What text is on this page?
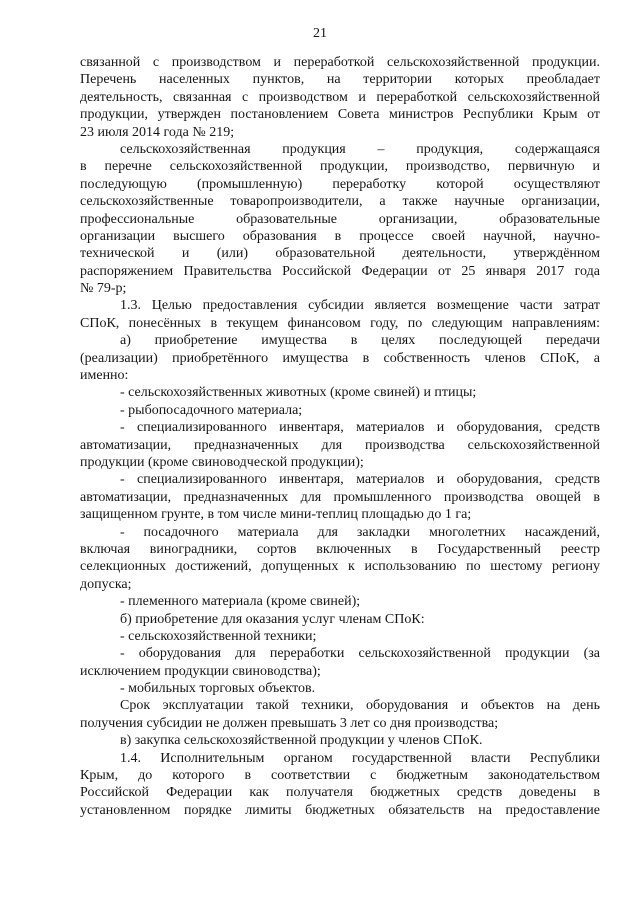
21
связанной с производством и переработкой сельскохозяйственной продукции.
Перечень населенных пунктов, на территории которых преобладает
деятельность, связанная с производством и переработкой сельскохозяйственной
продукции, утвержден постановлением Совета министров Республики Крым от
23 июля 2014 года № 219;
сельскохозяйственная продукция – продукция, содержащаяся
в перечне сельскохозяйственной продукции, производство, первичную и
последующую (промышленную) переработку которой осуществляют
сельскохозяйственные товаропроизводители, а также научные организации,
профессиональные образовательные организации, образовательные
организации высшего образования в процессе своей научной, научно-
технической и (или) образовательной деятельности, утверждённом
распоряжением Правительства Российской Федерации от 25 января 2017 года
№ 79-р;
1.3. Целью предоставления субсидии является возмещение части затрат
СПоК, понесённых в текущем финансовом году, по следующим направлениям:
а) приобретение имущества в целях последующей передачи
(реализации) приобретённого имущества в собственность членов СПоК, а
именно:
- сельскохозяйственных животных (кроме свиней) и птицы;
- рыбопосадочного материала;
- специализированного инвентаря, материалов и оборудования, средств
автоматизации, предназначенных для производства сельскохозяйственной
продукции (кроме свиноводческой продукции);
- специализированного инвентаря, материалов и оборудования, средств
автоматизации, предназначенных для промышленного производства овощей в
защищенном грунте, в том числе мини-теплиц площадью до 1 га;
- посадочного материала для закладки многолетних насаждений,
включая виноградники, сортов включенных в Государственный реестр
селекционных достижений, допущенных к использованию по шестому региону
допуска;
- племенного материала (кроме свиней);
б) приобретение для оказания услуг членам СПоК:
- сельскохозяйственной техники;
- оборудования для переработки сельскохозяйственной продукции (за
исключением продукции свиноводства);
- мобильных торговых объектов.
Срок эксплуатации такой техники, оборудования и объектов на день
получения субсидии не должен превышать 3 лет со дня производства;
в) закупка сельскохозяйственной продукции у членов СПоК.
1.4. Исполнительным органом государственной власти Республики
Крым, до которого в соответствии с бюджетным законодательством
Российской Федерации как получателя бюджетных средств доведены в
установленном порядке лимиты бюджетных обязательств на предоставление
